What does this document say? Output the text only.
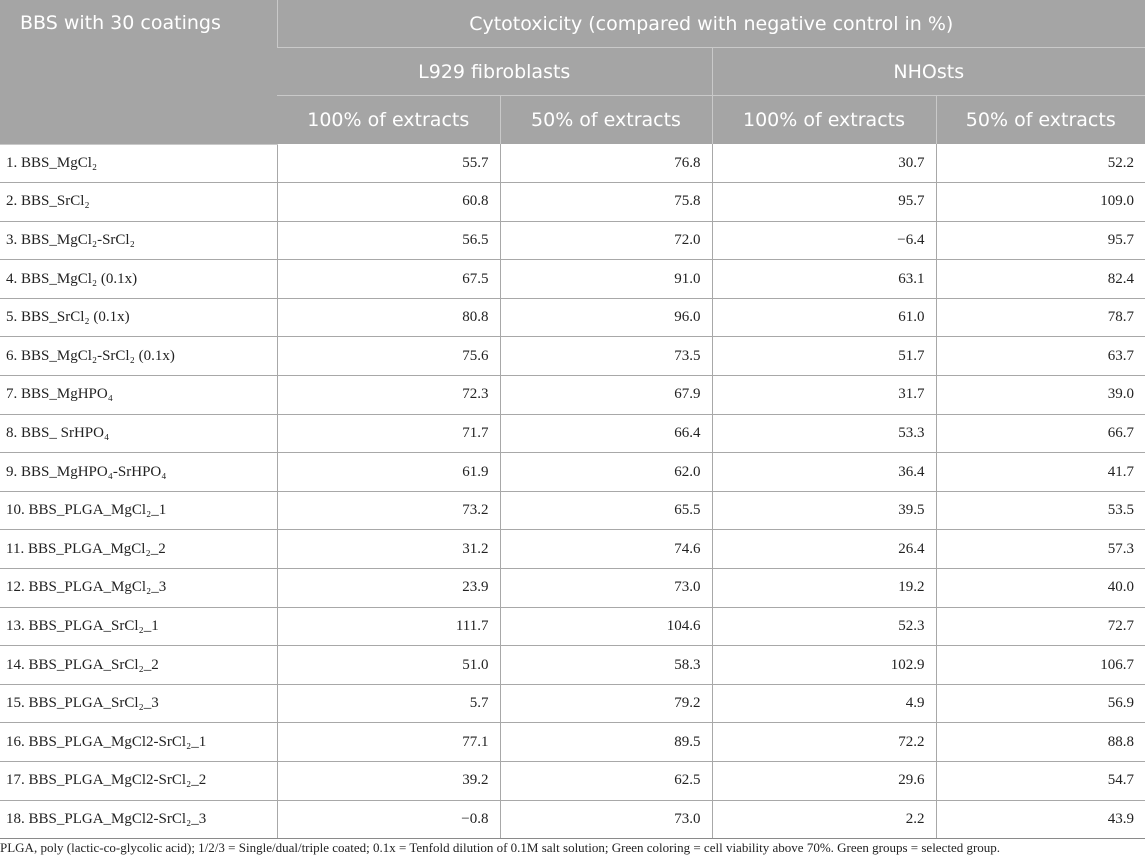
BBS with 30 coatings	Cytotoxicity (compared with negative control in %)			
	L929 fibroblasts		NHOsts	
	100% of extracts	50% of extracts	100% of extracts	50% of extracts
1. BBS_MgCl₂	55.7	76.8	30.7	52.2
2. BBS_SrCl₂	60.8	75.8	95.7	109.0
3. BBS_MgCl₂-SrCl₂	56.5	72.0	−6.4	95.7
4. BBS_MgCl₂ (0.1x)	67.5	91.0	63.1	82.4
5. BBS_SrCl₂ (0.1x)	80.8	96.0	61.0	78.7
6. BBS_MgCl₂-SrCl₂ (0.1x)	75.6	73.5	51.7	63.7
7. BBS_MgHPO₄	72.3	67.9	31.7	39.0
8. BBS_ SrHPO₄	71.7	66.4	53.3	66.7
9. BBS_MgHPO₄-SrHPO₄	61.9	62.0	36.4	41.7
10. BBS_PLGA_MgCl₂_1	73.2	65.5	39.5	53.5
11. BBS_PLGA_MgCl₂_2	31.2	74.6	26.4	57.3
12. BBS_PLGA_MgCl₂_3	23.9	73.0	19.2	40.0
13. BBS_PLGA_SrCl₂_1	111.7	104.6	52.3	72.7
14. BBS_PLGA_SrCl₂_2	51.0	58.3	102.9	106.7
15. BBS_PLGA_SrCl₂_3	5.7	79.2	4.9	56.9
16. BBS_PLGA_MgCl2-SrCl₂_1	77.1	89.5	72.2	88.8
17. BBS_PLGA_MgCl2-SrCl₂_2	39.2	62.5	29.6	54.7
18. BBS_PLGA_MgCl2-SrCl₂_3	−0.8	73.0	2.2	43.9
PLGA, poly (lactic-co-glycolic acid); 1/2/3 = Single/dual/triple coated; 0.1x = Tenfold dilution of 0.1M salt solution; Green coloring = cell viability above 70%. Green groups = selected group.
